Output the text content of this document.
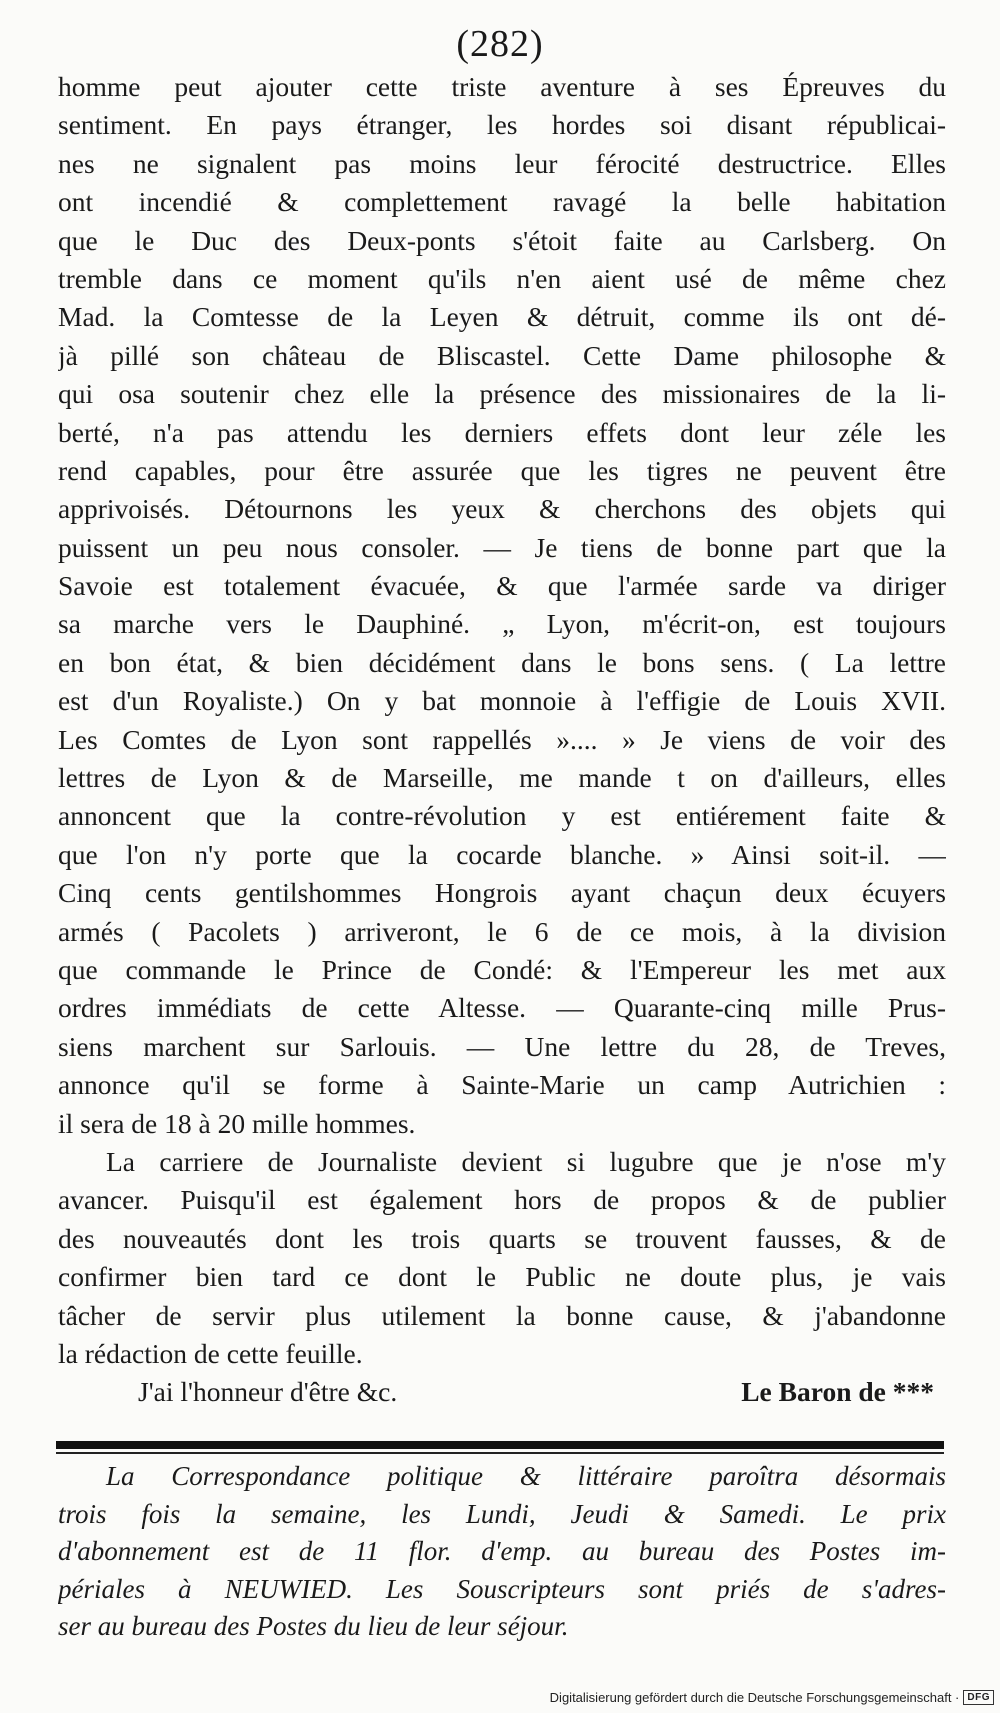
(282)
homme peut ajouter cette triste aventure à ses Épreuves du
sentiment. En pays étranger, les hordes soi disant républicai-
nes ne signalent pas moins leur férocité destructrice. Elles
ont incendié & complettement ravagé la belle habitation
que le Duc des Deux-ponts s'étoit faite au Carlsberg. On
tremble dans ce moment qu'ils n'en aient usé de même chez
Mad. la Comtesse de la Leyen & détruit, comme ils ont dé-
jà pillé son château de Bliscastel. Cette Dame philosophe &
qui osa soutenir chez elle la présence des missionaires de la li-
berté, n'a pas attendu les derniers effets dont leur zéle les
rend capables, pour être assurée que les tigres ne peuvent être
apprivoisés. Détournons les yeux & cherchons des objets qui
puissent un peu nous consoler. — Je tiens de bonne part que la
Savoie est totalement évacuée, & que l'armée sarde va diriger
sa marche vers le Dauphiné. „ Lyon, m'écrit-on, est toujours
en bon état, & bien décidément dans le bons sens. ( La lettre
est d'un Royaliste.) On y bat monnoie à l'effigie de Louis XVII.
Les Comtes de Lyon sont rappellés ».... » Je viens de voir des
lettres de Lyon & de Marseille, me mande t on d'ailleurs, elles
annoncent que la contre-révolution y est entiérement faite &
que l'on n'y porte que la cocarde blanche. » Ainsi soit-il. —
Cinq cents gentilshommes Hongrois ayant chaçun deux écuyers
armés ( Pacolets ) arriveront, le 6 de ce mois, à la division
que commande le Prince de Condé: & l'Empereur les met aux
ordres immédiats de cette Altesse. — Quarante-cinq mille Prus-
siens marchent sur Sarlouis. — Une lettre du 28, de Treves,
annonce qu'il se forme à Sainte-Marie un camp Autrichien :
il sera de 18 à 20 mille hommes.
La carriere de Journaliste devient si lugubre que je n'ose m'y
avancer. Puisqu'il est également hors de propos & de publier
des nouveautés dont les trois quarts se trouvent fausses, & de
confirmer bien tard ce dont le Public ne doute plus, je vais
tâcher de servir plus utilement la bonne cause, & j'abandonne
la rédaction de cette feuille.
J'ai l'honneur d'être &c.	Le Baron de ***
La Correspondance politique & littéraire paroîtra désormais
trois fois la semaine, les Lundi, Jeudi & Samedi. Le prix
d'abonnement est de 11 flor. d'emp. au bureau des Postes im-
périales à NEUWIED. Les Souscripteurs sont priés de s'adres-
ser au bureau des Postes du lieu de leur séjour.
Digitalisierung gefördert durch die Deutsche Forschungsgemeinschaft · DFG
